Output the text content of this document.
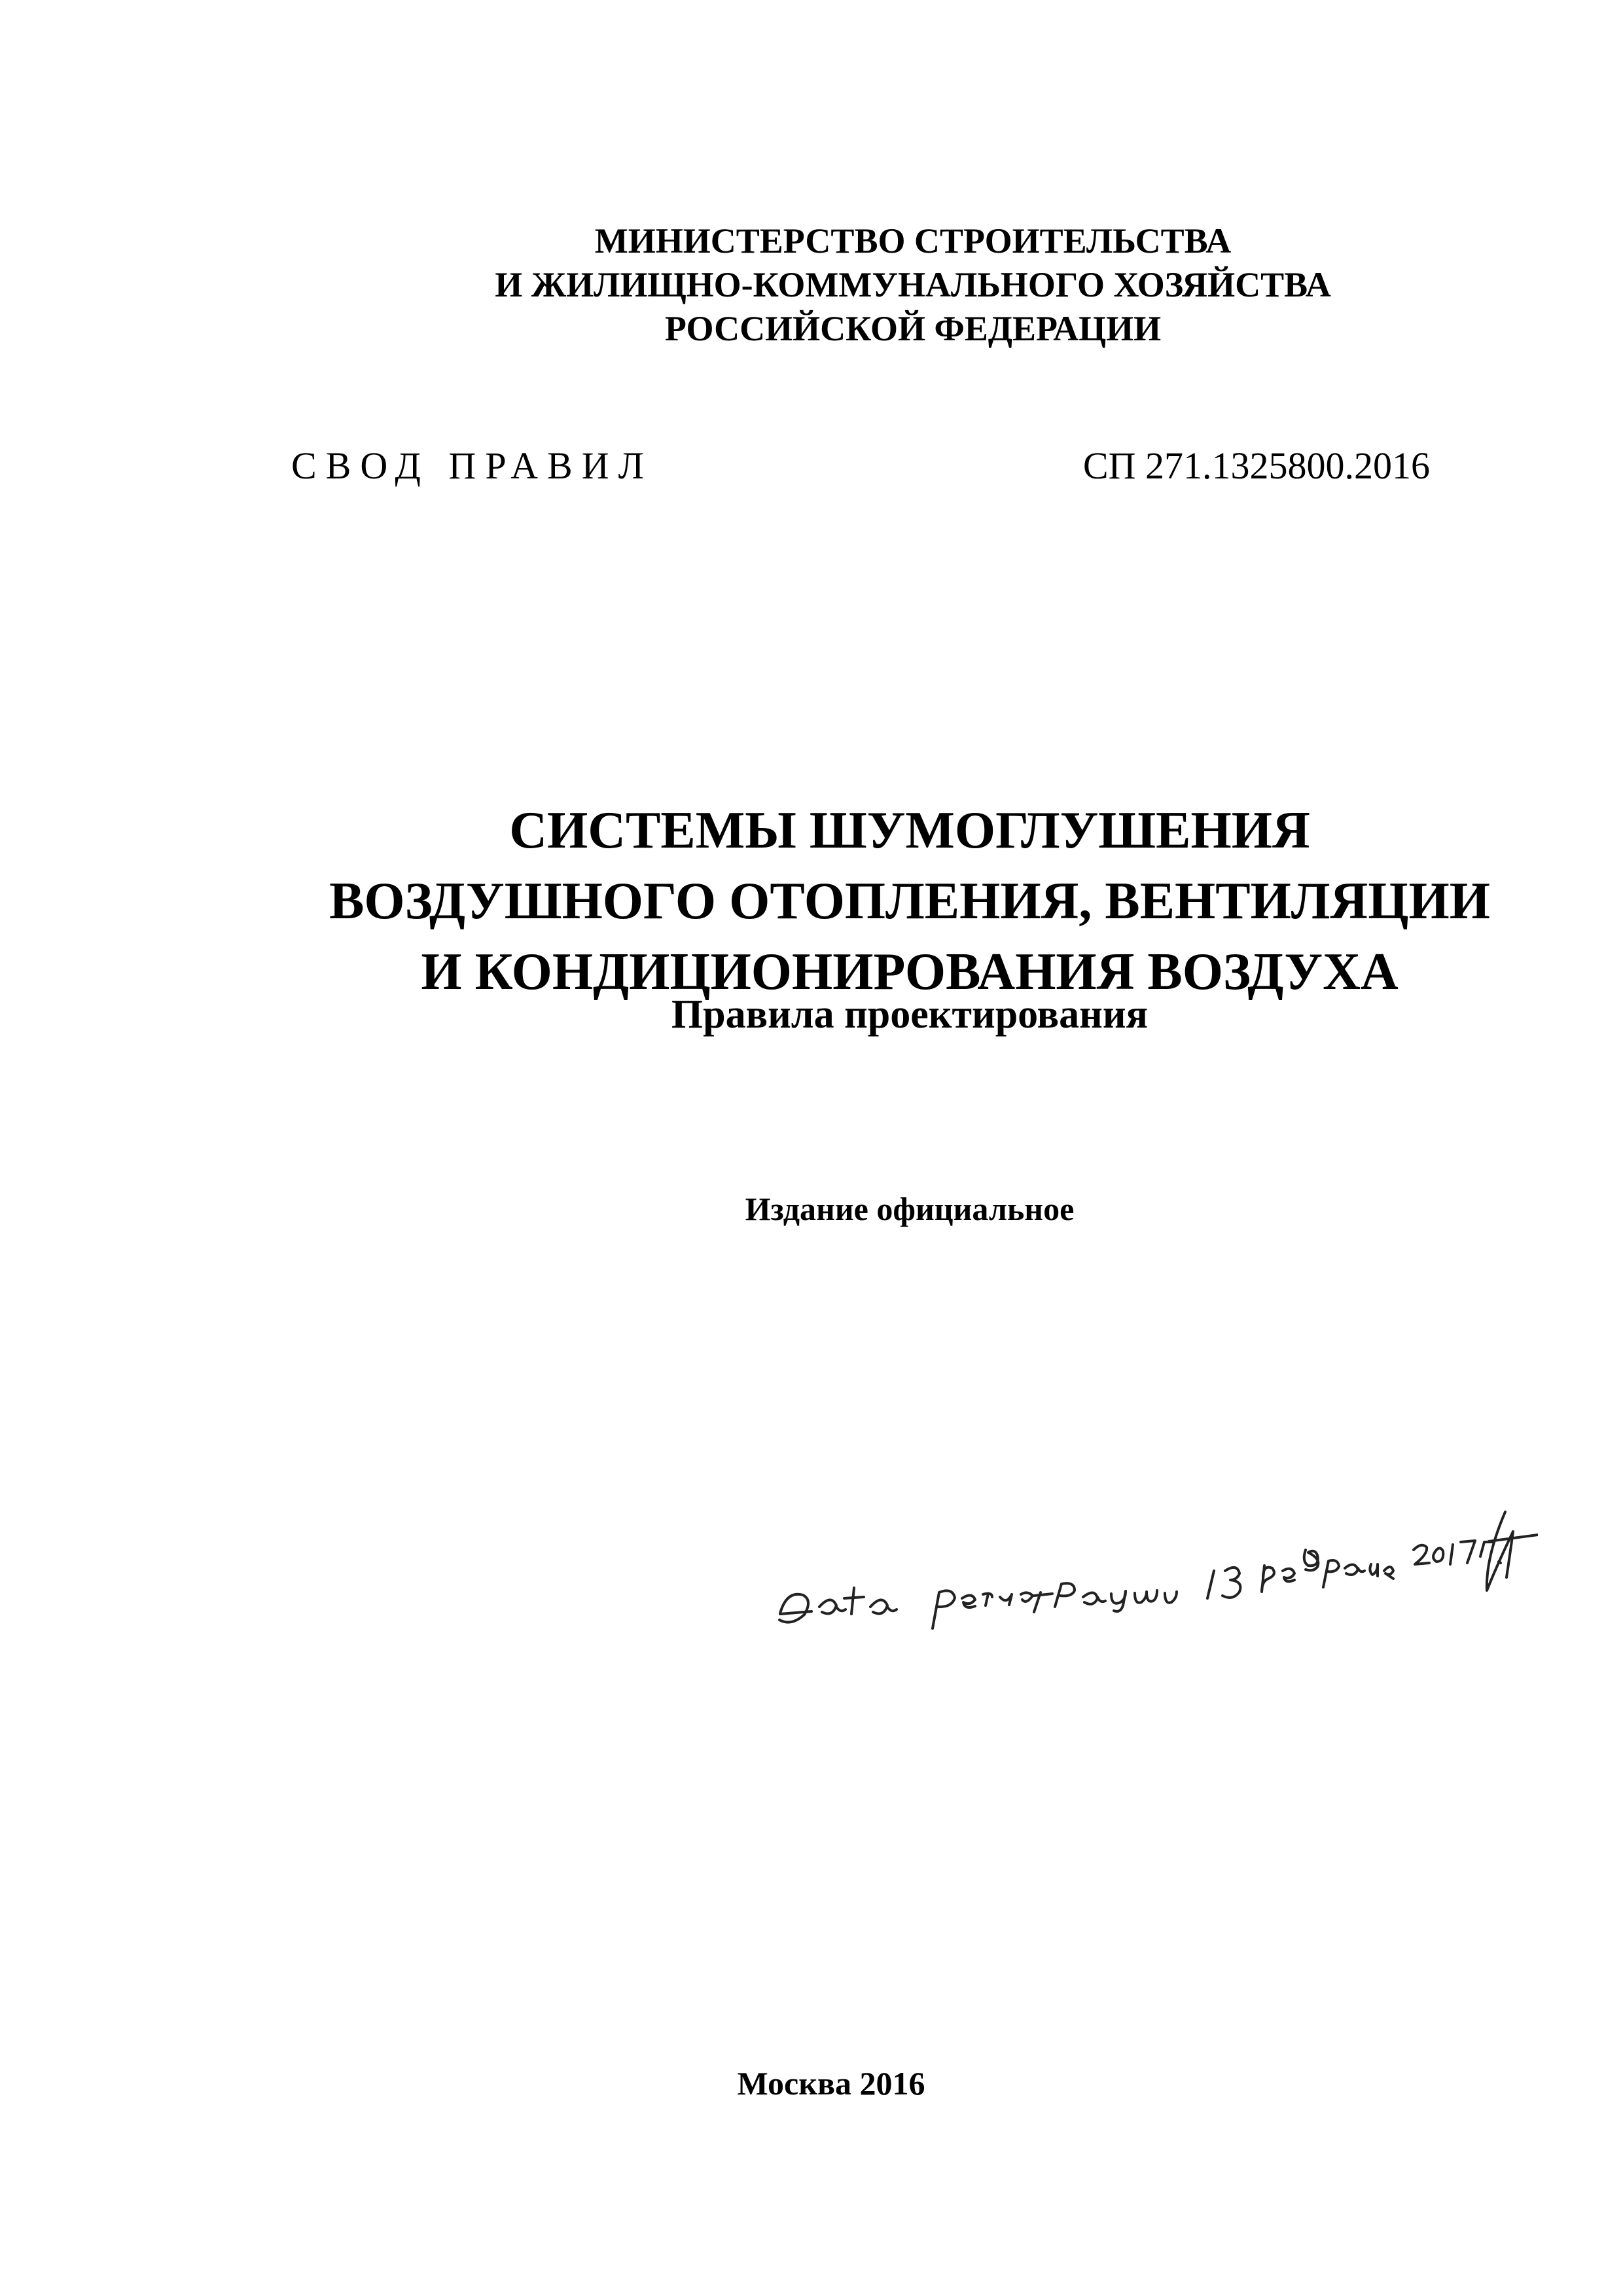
МИНИСТЕРСТВО СТРОИТЕЛЬСТВА
И ЖИЛИЩНО-КОММУНАЛЬНОГО ХОЗЯЙСТВА
РОССИЙСКОЙ ФЕДЕРАЦИИ
СВОД ПРАВИЛ	СП 271.1325800.2016
СИСТЕМЫ ШУМОГЛУШЕНИЯ
ВОЗДУШНОГО ОТОПЛЕНИЯ, ВЕНТИЛЯЦИИ
И КОНДИЦИОНИРОВАНИЯ ВОЗДУХА
Правила проектирования
Издание официальное
Москва 2016
